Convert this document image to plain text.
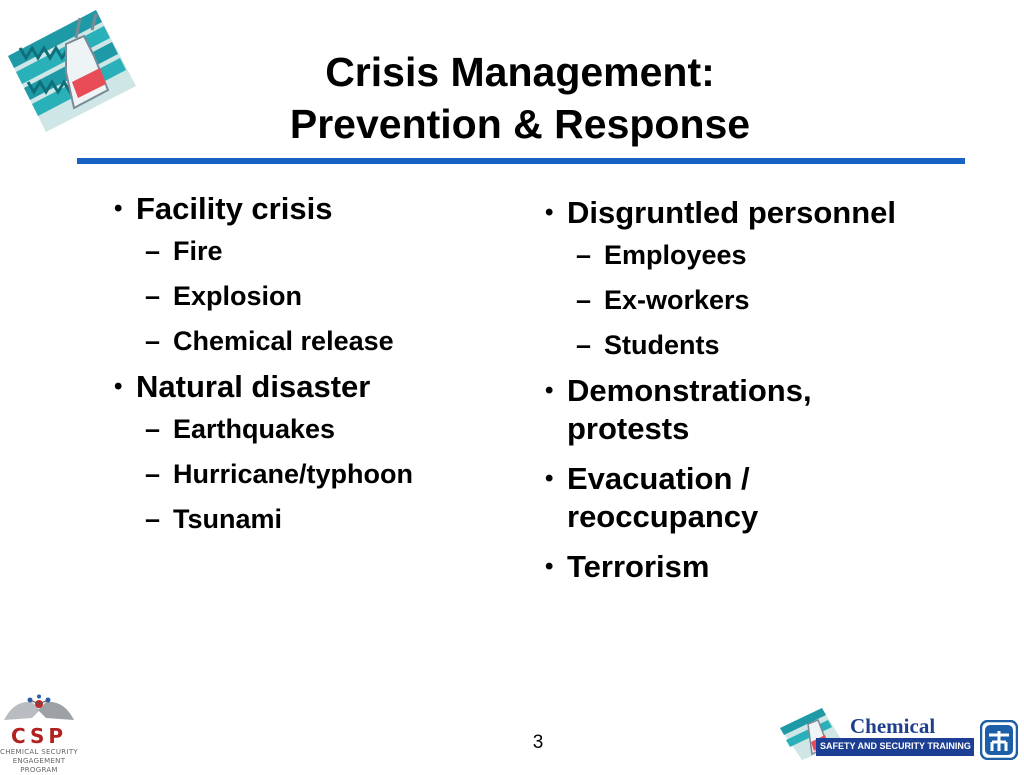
Crisis Management:
Prevention & Response
• Facility crisis
– Fire
– Explosion
– Chemical release
• Natural disaster
– Earthquakes
– Hurricane/typhoon
– Tsunami
• Disgruntled personnel
– Employees
– Ex-workers
– Students
• Demonstrations, protests
• Evacuation / reoccupancy
• Terrorism
CSP
CHEMICAL SECURITY
ENGAGEMENT PROGRAM
3
Chemical
SAFETY AND SECURITY TRAINING
